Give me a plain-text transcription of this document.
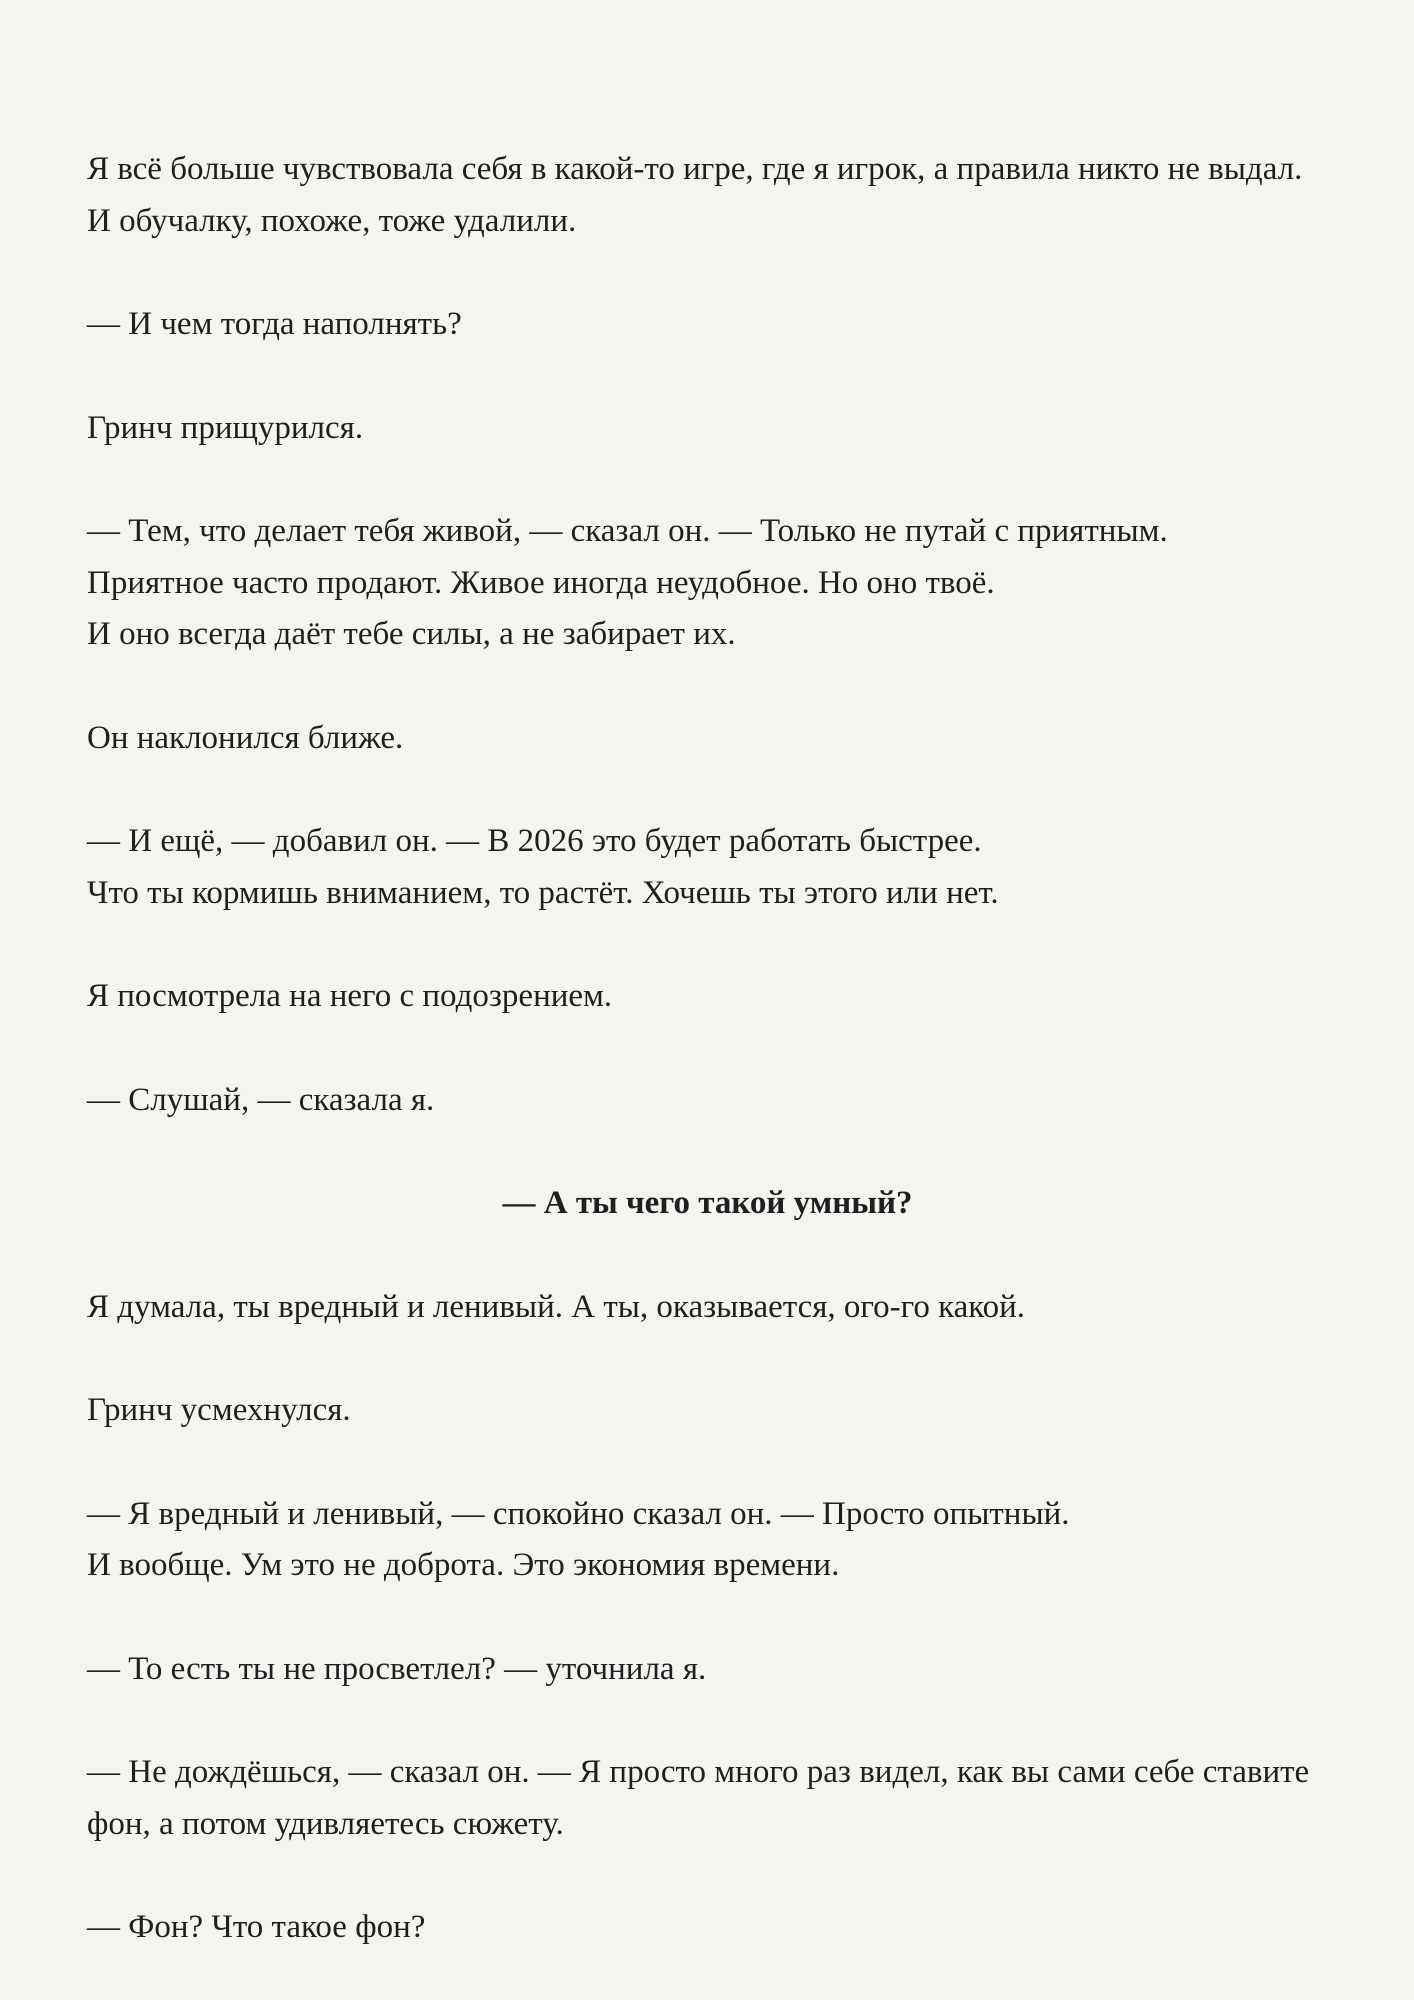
Я всё больше чувствовала себя в какой-то игре, где я игрок, а правила никто не выдал. И обучалку, похоже, тоже удалили.

— И чем тогда наполнять?

Гринч прищурился.

— Тем, что делает тебя живой, — сказал он. — Только не путай с приятным.
Приятное часто продают. Живое иногда неудобное. Но оно твоё.
И оно всегда даёт тебе силы, а не забирает их.

Он наклонился ближе.

— И ещё, — добавил он. — В 2026 это будет работать быстрее.
Что ты кормишь вниманием, то растёт. Хочешь ты этого или нет.

Я посмотрела на него с подозрением.

— Слушай, — сказала я.

— А ты чего такой умный?

Я думала, ты вредный и ленивый. А ты, оказывается, ого-го какой.

Гринч усмехнулся.

— Я вредный и ленивый, — спокойно сказал он. — Просто опытный.
И вообще. Ум это не доброта. Это экономия времени.

— То есть ты не просветлел? — уточнила я.

— Не дождёшься, — сказал он. — Я просто много раз видел, как вы сами себе ставите фон, а потом удивляетесь сюжету.

— Фон? Что такое фон?
